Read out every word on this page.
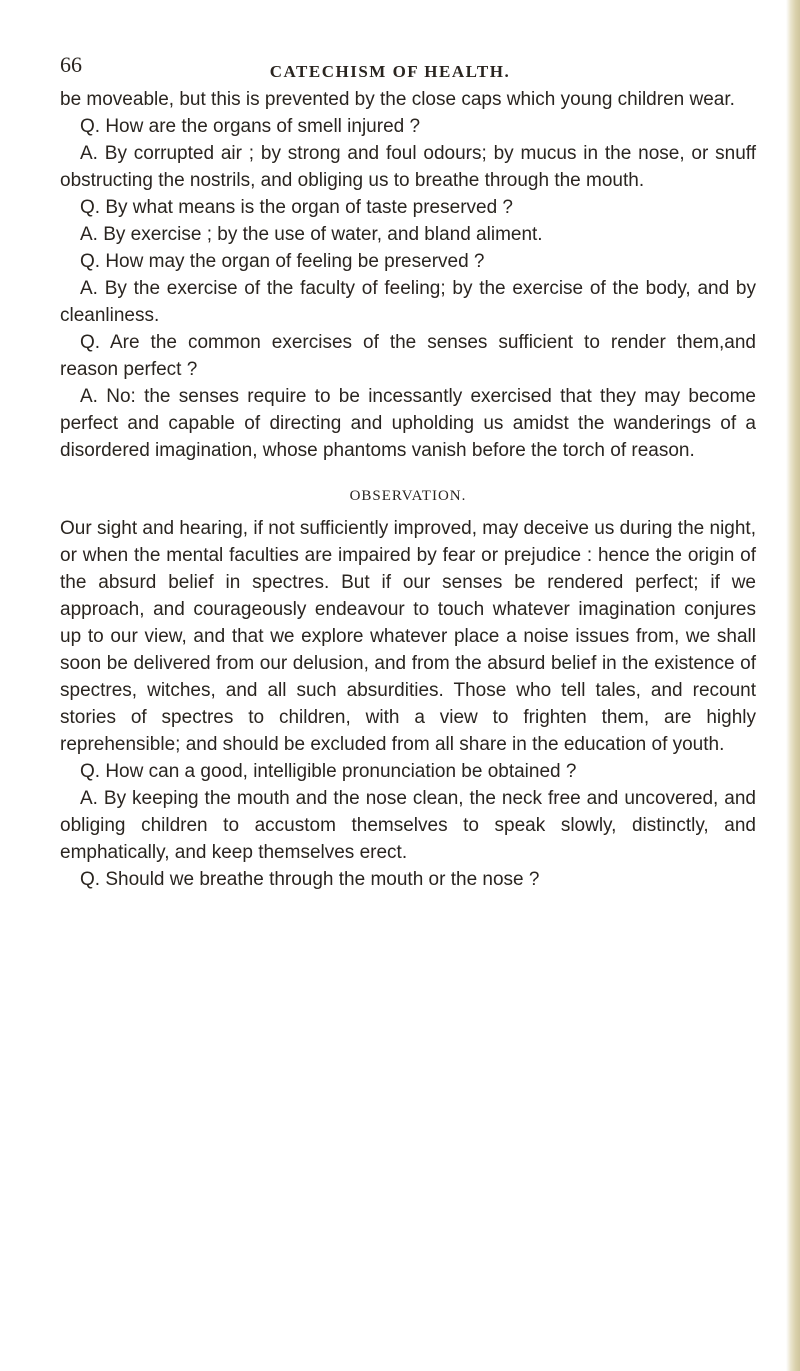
66	CATECHISM OF HEALTH.

be moveable, but this is prevented by the close caps which young children wear.

Q. How are the organs of smell injured ?

A. By corrupted air ; by strong and foul odours; by mucus in the nose, or snuff obstructing the nostrils, and obliging us to breathe through the mouth.

Q. By what means is the organ of taste preserved ?

A. By exercise ; by the use of water, and bland aliment.

Q. How may the organ of feeling be preserved ?

A. By the exercise of the faculty of feeling; by the exercise of the body, and by cleanliness.

Q. Are the common exercises of the senses sufficient to render them,and reason perfect ?

A. No: the senses require to be incessantly exercised that they may become perfect and capable of directing and upholding us amidst the wanderings of a disordered imagination, whose phantoms vanish before the torch of reason.

OBSERVATION.

Our sight and hearing, if not sufficiently improved, may deceive us during the night, or when the mental faculties are impaired by fear or prejudice : hence the origin of the absurd belief in spectres. But if our senses be rendered perfect; if we approach, and courageously endeavour to touch whatever imagination conjures up to our view, and that we explore whatever place a noise issues from, we shall soon be delivered from our delusion, and from the absurd belief in the existence of spectres, witches, and all such absurdities. Those who tell tales, and recount stories of spectres to children, with a view to frighten them, are highly reprehensible; and should be excluded from all share in the education of youth.

Q. How can a good, intelligible pronunciation be obtained ?

A. By keeping the mouth and the nose clean, the neck free and uncovered, and obliging children to accustom themselves to speak slowly, distinctly, and emphatically, and keep themselves erect.

Q. Should we breathe through the mouth or the nose ?
